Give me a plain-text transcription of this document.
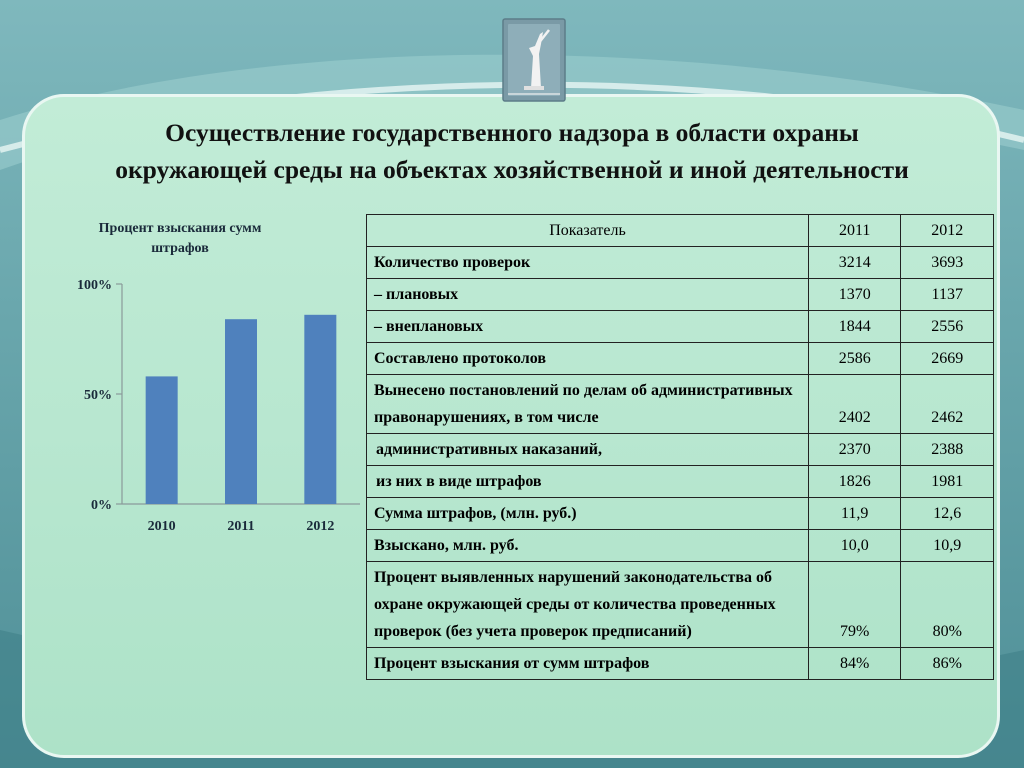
Осуществление государственного надзора в области охраны
окружающей среды на объектах хозяйственной и иной деятельности
Процент взыскания сумм
штрафов
0%
50%
100%
2010	2011	2012
Показатель	2011	2012
Количество проверок	3214	3693
– плановых	1370	1137
– внеплановых	1844	2556
Составлено протоколов	2586	2669
Вынесено постановлений по делам об административных правонарушениях, в том числе	2402	2462
административных наказаний,	2370	2388
из них в виде штрафов	1826	1981
Сумма штрафов, (млн. руб.)	11,9	12,6
Взыскано, млн. руб.	10,0	10,9
Процент выявленных нарушений законодательства об охране окружающей среды от количества проведенных проверок (без учета проверок предписаний)	79%	80%
Процент взыскания от сумм штрафов	84%	86%
